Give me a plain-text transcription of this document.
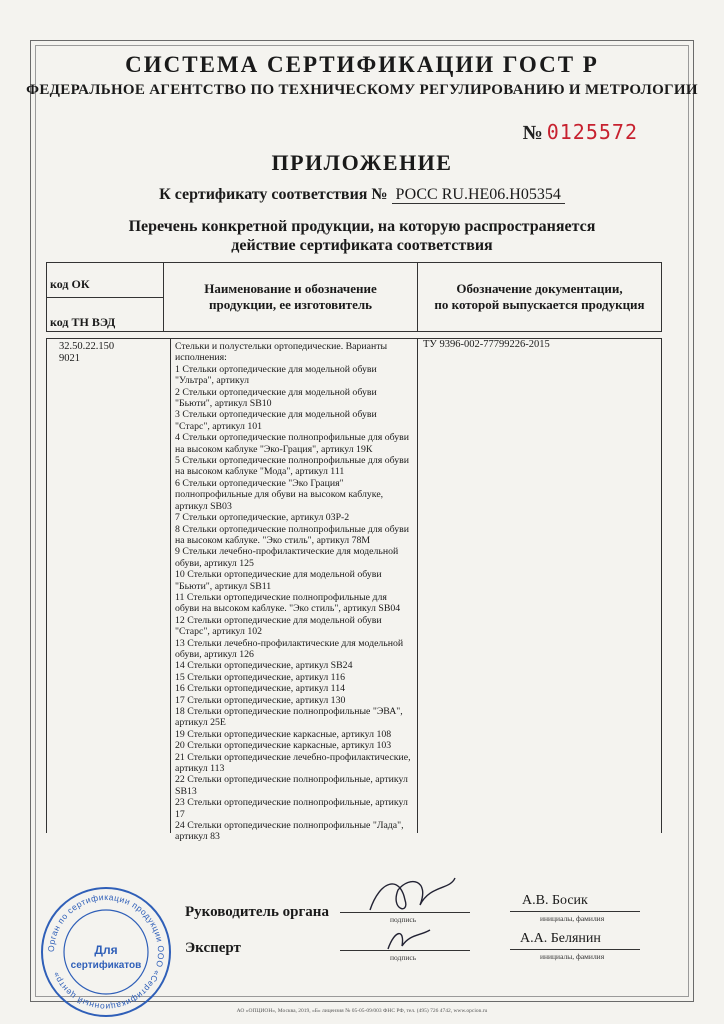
СИСТЕМА СЕРТИФИКАЦИИ ГОСТ Р
ФЕДЕРАЛЬНОЕ АГЕНТСТВО ПО ТЕХНИЧЕСКОМУ РЕГУЛИРОВАНИЮ И МЕТРОЛОГИИ
№ 0125572
ПРИЛОЖЕНИЕ
К сертификату соответствия № РОСС RU.НЕ06.Н05354
Перечень конкретной продукции, на которую распространяется
действие сертификата соответствия
код ОК
код ТН ВЭД
Наименование и обозначение
продукции, ее изготовитель
Обозначение документации,
по которой выпускается продукция
32.50.22.150
9021
Стельки и полустельки ортопедические. Варианты
исполнения:
1 Стельки ортопедические для модельной обуви
"Ультра", артикул
2 Стельки ортопедические для модельной обуви
"Бьюти", артикул SB10
3 Стельки ортопедические для модельной обуви
"Старс", артикул 101
4 Стельки ортопедические полнопрофильные для обуви
на высоком каблуке "Эко-Грация", артикул 19К
5 Стельки ортопедические полнопрофильные для обуви
на высоком каблуке "Мода", артикул 111
6 Стельки ортопедические "Эко Грация"
полнопрофильные для обуви на высоком каблуке,
артикул SB03
7 Стельки ортопедические, артикул 03Р-2
8 Стельки ортопедические полнопрофильные для обуви
на высоком каблуке. "Эко стиль", артикул 78М
9 Стельки лечебно-профилактические для модельной
обуви, артикул 125
10 Стельки ортопедические для модельной обуви
"Бьюти", артикул SB11
11 Стельки ортопедические полнопрофильные для
обуви на высоком каблуке. "Эко стиль", артикул SB04
12 Стельки ортопедические для модельной обуви
"Старс", артикул 102
13 Стельки лечебно-профилактические для модельной
обуви, артикул 126
14 Стельки ортопедические, артикул SB24
15 Стельки ортопедические, артикул 116
16 Стельки ортопедические, артикул 114
17 Стельки ортопедические, артикул 130
18 Стельки ортопедические полнопрофильные "ЭВА",
артикул 25Е
19 Стельки ортопедические каркасные, артикул 108
20 Стельки ортопедические каркасные, артикул 103
21 Стельки ортопедические лечебно-профилактические,
артикул 113
22 Стельки ортопедические полнопрофильные, артикул
SB13
23 Стельки ортопедические полнопрофильные, артикул
17
24 Стельки ортопедические полнопрофильные "Лада",
артикул 83
ТУ 9396-002-77799226-2015
Руководитель органа	подпись
А.В. Босик
инициалы, фамилия
Эксперт
подпись
А.А. Белянин
инициалы, фамилия
Орган по сертификации продукции ООО «Сертификационный центр»
Для
сертификатов
АО «ОПЦИОН», Москва, 2019, «Б» лицензия № 05-05-09/003 ФНС РФ, тел. (495) 726 4742, www.opcion.ru
